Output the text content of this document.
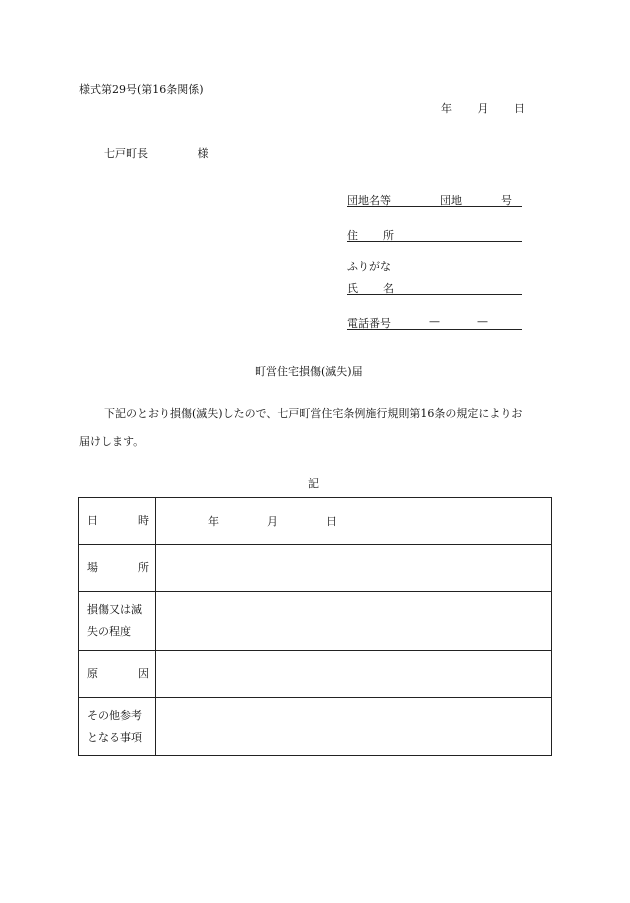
様式第29号(第16条関係)
年 月 日
七戸町長	様
団地名等	団地	号
住 所
ふりがな
氏 名
電話番号	—	—
町営住宅損傷(滅失)届
下記のとおり損傷(滅失)したので、七戸町営住宅条例施行規則第16条の規定によりお
届けします。
記
日 時	年 月 日

場 所	

損傷又は滅
失の程度	

原 因	

その他参考
となる事項	
